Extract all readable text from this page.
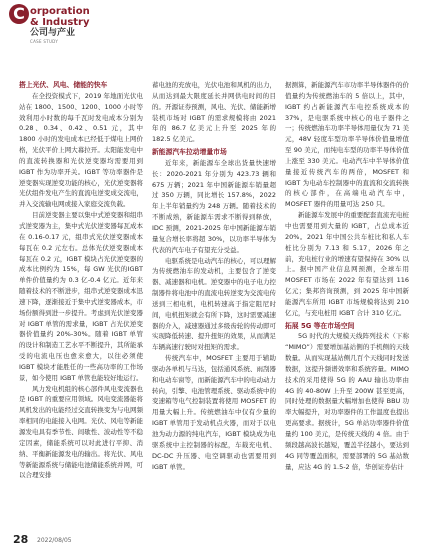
C orporation
& Industry
公司与产业
CASE STUDY
搭上光伏、风电、储能的快车

在全投资模式下，2019 年地面光伏电站在 1800、1500、1200、1000 小时等效利用小时数的每千瓦时发电成本分别为 0.28、0.34、0.42、0.51 元，其中 1800 小时的发电成本已经低于煤电上网价格，光伏平价上网大幕拉开。太阳能发电中的直流转换器和光伏逆变器均需要用到 IGBT 作为功率开关。IGBT 等功率器件是逆变器实现逆变功能的核心，光伏逆变器将光伏组件发电产生的直流电逆变成交流电，并入交流输电网或接入家庭交流负载。

目前逆变器主要以集中式逆变器和组串式逆变器为主，集中式光伏逆变器每瓦成本在 0.16-0.17 元，组串式光伏逆变器成本每瓦在 0.2 元左右。总体光伏逆变器成本每瓦在 0.2 元，IGBT 模块占光伏逆变器的成本比例约为 15%，每 GW 光伏的IGBT 单件价值量约为 0.3 亿-0.4 亿元。近年来随着技术的不断进步，组串式逆变器成本迅速下降，逐渐接近于集中式逆变器成本，市场份额得到进一步提升。考虑到光伏逆变器对 IGBT 单管的需求量，IGBT 占光伏逆变器价值量约 20%-30%。随着 IGBT 单管的设计和制造工艺水平不断提升，其所能承受的电流电压也愈来愈大，以往必须使 IGBT 模块才能胜任的一些高功率的工作场景，如今使用 IGBT 单管也能较好地运行。

风力发电机组的核心部件风电变流器也是 IGBT 的重要应用领域。风电变流器能将风机发出的电能经过交直转换变为与电网频率相同的电能接入电网。光伏、风电等新能源发电具有季节性、间歇性、波动性等不稳定因素，储能系统可以对此进行平抑、消纳、平衡新能源发电的输出。将光伏、风电等新能源系统与储能电池储能系统并网，可以合理安排

蓄电池的充放电，光伏电池和风机的出力，从而达到最大限度延长并网供电时间的目的。开源证券预测，风电、光伏、储能新增装机市场对 IGBT 的需求规模将由 2021 年的 86.7 亿美元上升至 2025 年的 182.5 亿美元。

新能源汽车拉动增量市场

近年来，新能源车全球出货量快速增长：2020-2021 年分别为 423.73 辆和 675 万辆；2021 年中国新能源车销量超过 350 万辆，同比增长 157.8%，2022 年上半年销量约为 248 万辆。随着技术的不断成熟，新能源车需求不断得到释放，IDC 预测，2021-2025 年中国新能源车销量复合增长率将超 30%，以功率半导体为代表的汽车电子有望充分受益。

电驱系统是电动汽车的核心，可以理解为传统燃油车的发动机，主要包含了逆变器、减速器和电机。逆变器中的电子电力控制器件将电池中的直流电转逆变为交流电传送到三相电机，电机转速高于指定阻尼时间，电机扭矩就会有所下降，这时需要减速器的介入，减速器通过多级齿轮的传动即可实现降低转速、提升扭矩的效果，从而满足车辆高速行驶时对扭矩的需求。

传统汽车中，MOSFET 主要用于辅助驱动各单机与马达，包括通风系统、雨刮器和电动车窗等，而新能源汽车中的电动动力转向，引擎、电池管理系统、驱动系统中的变速箱等电气控制装置将使用 MOSFET 的用量大幅上升。传统燃油车中仅有少量的 IGBT 单管用于发动机点火器，而对于以电池为动力源的纯电汽车，IGBT 模块成为电驱系统中主控制器的标配，车载充电机、DC-DC 升压器、电空调驱动也需要用到 IGBT 单管。

据测算，新能源汽车市功率半导体器件的价值量约为传统燃油车的 5 倍以上，其中，IGBT 约占新能源汽车电控系统成本的 37%，是电驱系统中核心的电子器件之一；传统燃油车功率半导体用量仅为 71 美元，48V 轻度车型功率半导体价值量增值至 90 美元，而纯电车型的功率半导体价值上涨至 330 美元。电动汽车中半导体价值量接近传统汽车的两倍，MOSFET 和 IGBT 为电动车控制器中的直流和交流转换的核心部件，在高端电动汽车中，MOSFET 器件的用量可达 250 只。

新能源车发展中的重要配套直流充电桩中也需要用到大量的 IGBT，占总成本近 20%。2021 年中国公共车桩比和私人车桩比分别为 7.13 和 5.17，2026 年之前，充电桩行业的增速有望保持在 30% 以上。据中国产业信息网预测，全球车用 MOSFET 市场在 2022 年有望达到 116 亿元；集邦咨询预测，到 2025 年中国新能源汽车所用 IGBT 市场规模将达到 210 亿元，与充电桩用 IGBT 合计 310 亿元。

拓展 5G 等在市场空间

5G 时代的大规模天线阵列技术（下称 “MIMO”）需要增加基站側的手机侧的天线数量。从而实现基站侧几百个天线同时发送数据，这提升频谱效率和系统容量。MIMO 技术的采用使得 5G 的 AAU 输出功率由 4G 的 40-80W 上升至 200W 甚至更高，同时处理的数据量大幅增加也使得 BBU 功率大幅提升，对功率器件的工作温度也提出更高要求。据统计，5G 单站功率器件价值量约 100 美元，是传统天线的 4 倍。由于频段越高波长越短，覆盖半径越小，要达到 4G 同等覆盖面积，需要部署的 5G 基站数量，应达 4G 的 1.5-2 倍，华创证券估计

28 2022/08/05
